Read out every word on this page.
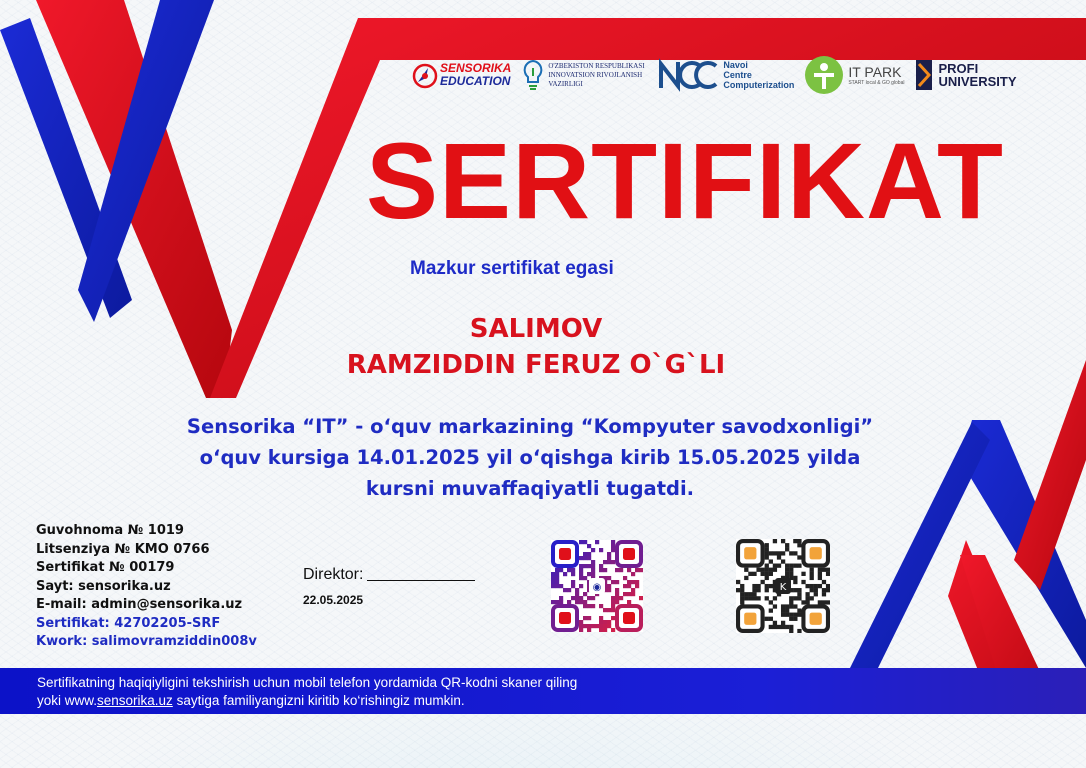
SENSORIKA
EDUCATION
O'ZBEKISTON RESPUBLIKASI INNOVATSION RIVOJLANISH VAZIRLIGI
Navoi
Centre
Computerization
IT PARK
START local & GO global
PROFI
UNIVERSITY
SERTIFIKAT
Mazkur sertifikat egasi
SALIMOV
RAMZIDDIN FERUZ O`G`LI
Sensorika “IT” - o‘quv markazining “Kompyuter savodxonligi”
o‘quv kursiga 14.01.2025 yil o‘qishga kirib 15.05.2025 yilda
kursni muvaffaqiyatli tugatdi.
Guvohnoma № 1019
Litsenziya № KMO 0766
Sertifikat № 00179
Sayt: sensorika.uz
E-mail: admin@sensorika.uz
Sertifikat: 42702205-SRF
Kwork: salimovramziddin008v
Direktor:
22.05.2025
◉	K

Sertifikatning haqiqiyligini tekshirish uchun mobil telefon yordamida QR-kodni skaner qiling

yoki www.sensorika.uz saytiga familiyangizni kiritib ko‘rishingiz mumkin.
